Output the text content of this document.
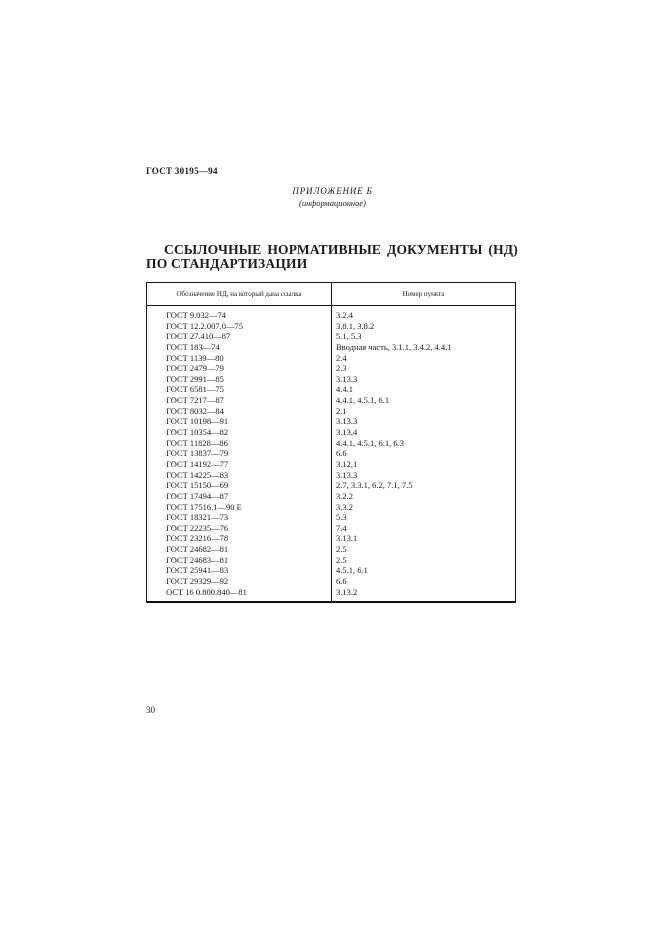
ГОСТ 30195—94
ПРИЛОЖЕНИЕ Б
(информационное)
ССЫЛОЧНЫЕ НОРМАТИВНЫЕ ДОКУМЕНТЫ (НД) ПО СТАНДАРТИЗАЦИИ
Обозначение НД, на который дана ссылка	Номер пункта
ГОСТ 9.032—74
ГОСТ 12.2.007.0—75
ГОСТ 27.410—87
ГОСТ 183—74
ГОСТ 1139—80
ГОСТ 2479—79
ГОСТ 2991—85
ГОСТ 6581—75
ГОСТ 7217—87
ГОСТ 8032—84
ГОСТ 10198—91
ГОСТ 10354—82
ГОСТ 11828—86
ГОСТ 13837—79
ГОСТ 14192—77
ГОСТ 14225—83
ГОСТ 15150—69
ГОСТ 17494—87
ГОСТ 17516.1—90 Е
ГОСТ 18321—73
ГОСТ 22235—76
ГОСТ 23216—78
ГОСТ 24682—81
ГОСТ 24683—81
ГОСТ 25941—83
ГОСТ 29329—92
ОСТ 16 0.800.840—81
3.2.4
3.8.1, 3.8.2
5.1, 5.3
Вводная часть, 3.1.1, 3.4.2, 4.4.1
2.4
2.3
3.13.3
4.4.1
4.4.1, 4.5.1, 6.1
2.1
3.13.3
3.13,4
4.4.1, 4.5.1, 6.1, 6.3
6.6
3.12,1
3.13.3
2.7, 3.3.1, 6.2, 7.1, 7.5
3.2.2
3.3.2
5.3
7.4
3.13.1
2.5
2.5
4.5.1, 6.1
6.6
3.13.2
30
